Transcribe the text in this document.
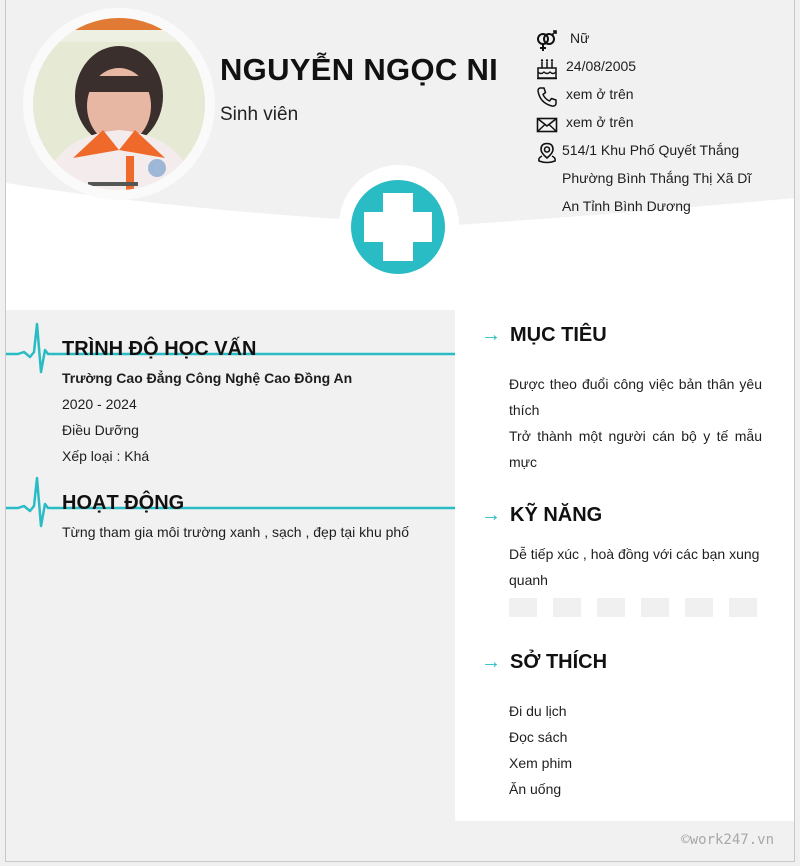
NGUYỄN NGỌC NI
Sinh viên
Nữ
24/08/2005
xem ở trên
xem ở trên
514/1 Khu Phố Quyết Thắng
Phường Bình Thắng Thị Xã Dĩ
An Tỉnh Bình Dương
TRÌNH ĐỘ HỌC VẤN
Trường Cao Đẳng Công Nghệ Cao Đồng An
2020 - 2024
Điều Dưỡng
Xếp loại : Khá
HOẠT ĐỘNG
Từng tham gia môi trường xanh , sạch , đẹp tại khu phố
→ MỤC TIÊU
Được theo đuổi công việc bản thân yêu thích
Trở thành một người cán bộ y tế mẫu mực
→ KỸ NĂNG
Dễ tiếp xúc , hoà đồng với các bạn xung quanh
→ SỞ THÍCH
Đi du lịch
Đọc sách
Xem phim
Ăn uống
©work247.vn
